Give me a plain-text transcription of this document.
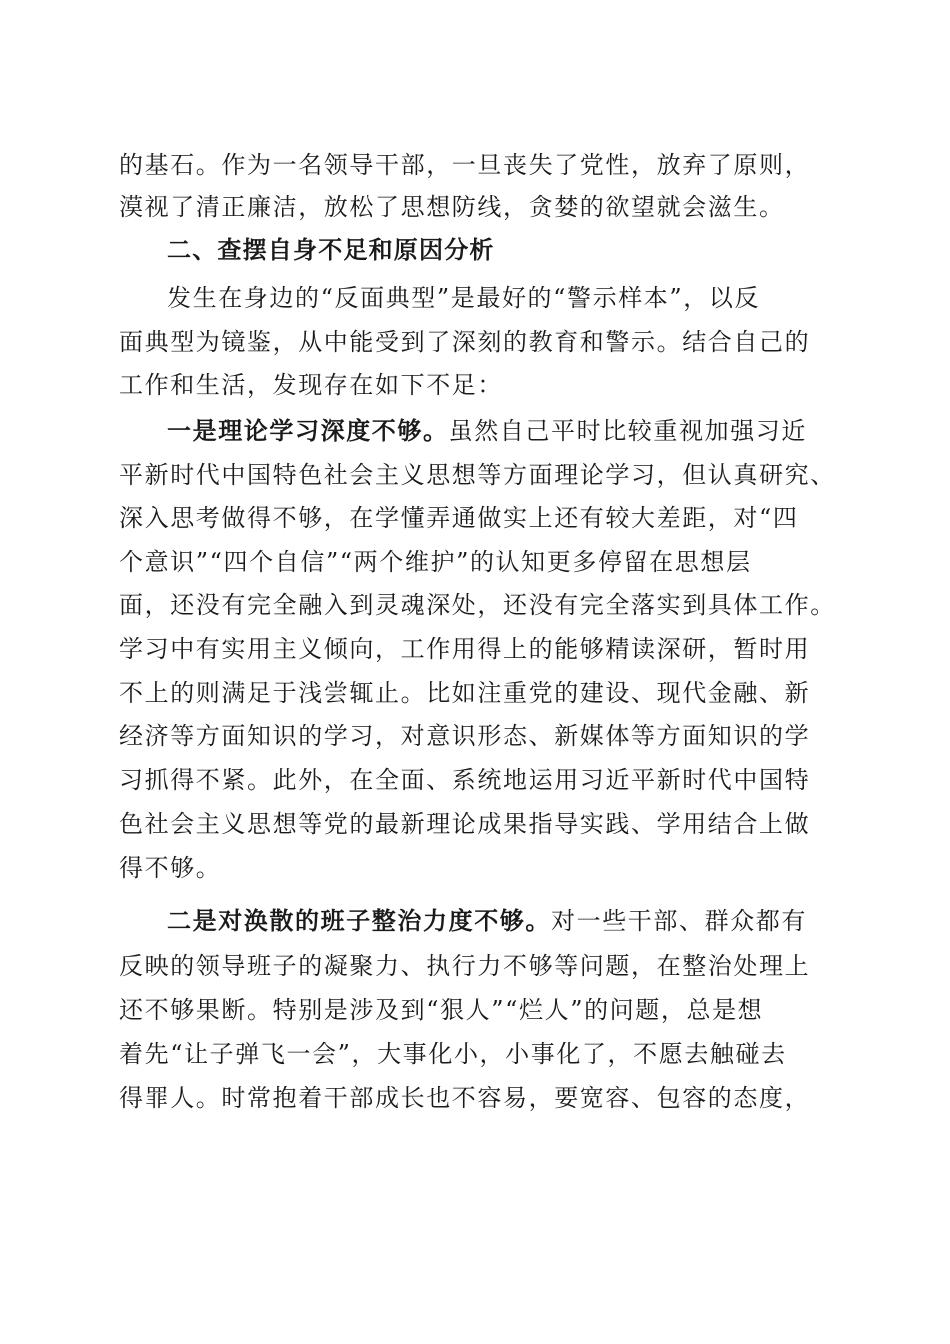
的基石。作为一名领导干部，一旦丧失了党性，放弃了原则，
漠视了清正廉洁，放松了思想防线，贪婪的欲望就会滋生。
二、查摆自身不足和原因分析
发生在身边的“反面典型”是最好的“警示样本”，以反
面典型为镜鉴，从中能受到了深刻的教育和警示。结合自己的
工作和生活，发现存在如下不足：
一是理论学习深度不够。虽然自己平时比较重视加强习近
平新时代中国特色社会主义思想等方面理论学习，但认真研究、
深入思考做得不够，在学懂弄通做实上还有较大差距，对“四
个意识”“四个自信”“两个维护”的认知更多停留在思想层
面，还没有完全融入到灵魂深处，还没有完全落实到具体工作。
学习中有实用主义倾向，工作用得上的能够精读深研，暂时用
不上的则满足于浅尝辄止。比如注重党的建设、现代金融、新
经济等方面知识的学习，对意识形态、新媒体等方面知识的学
习抓得不紧。此外，在全面、系统地运用习近平新时代中国特
色社会主义思想等党的最新理论成果指导实践、学用结合上做
得不够。
二是对涣散的班子整治力度不够。对一些干部、群众都有
反映的领导班子的凝聚力、执行力不够等问题，在整治处理上
还不够果断。特别是涉及到“狠人”“烂人”的问题，总是想
着先“让子弹飞一会”，大事化小，小事化了，不愿去触碰去
得罪人。时常抱着干部成长也不容易，要宽容、包容的态度，
